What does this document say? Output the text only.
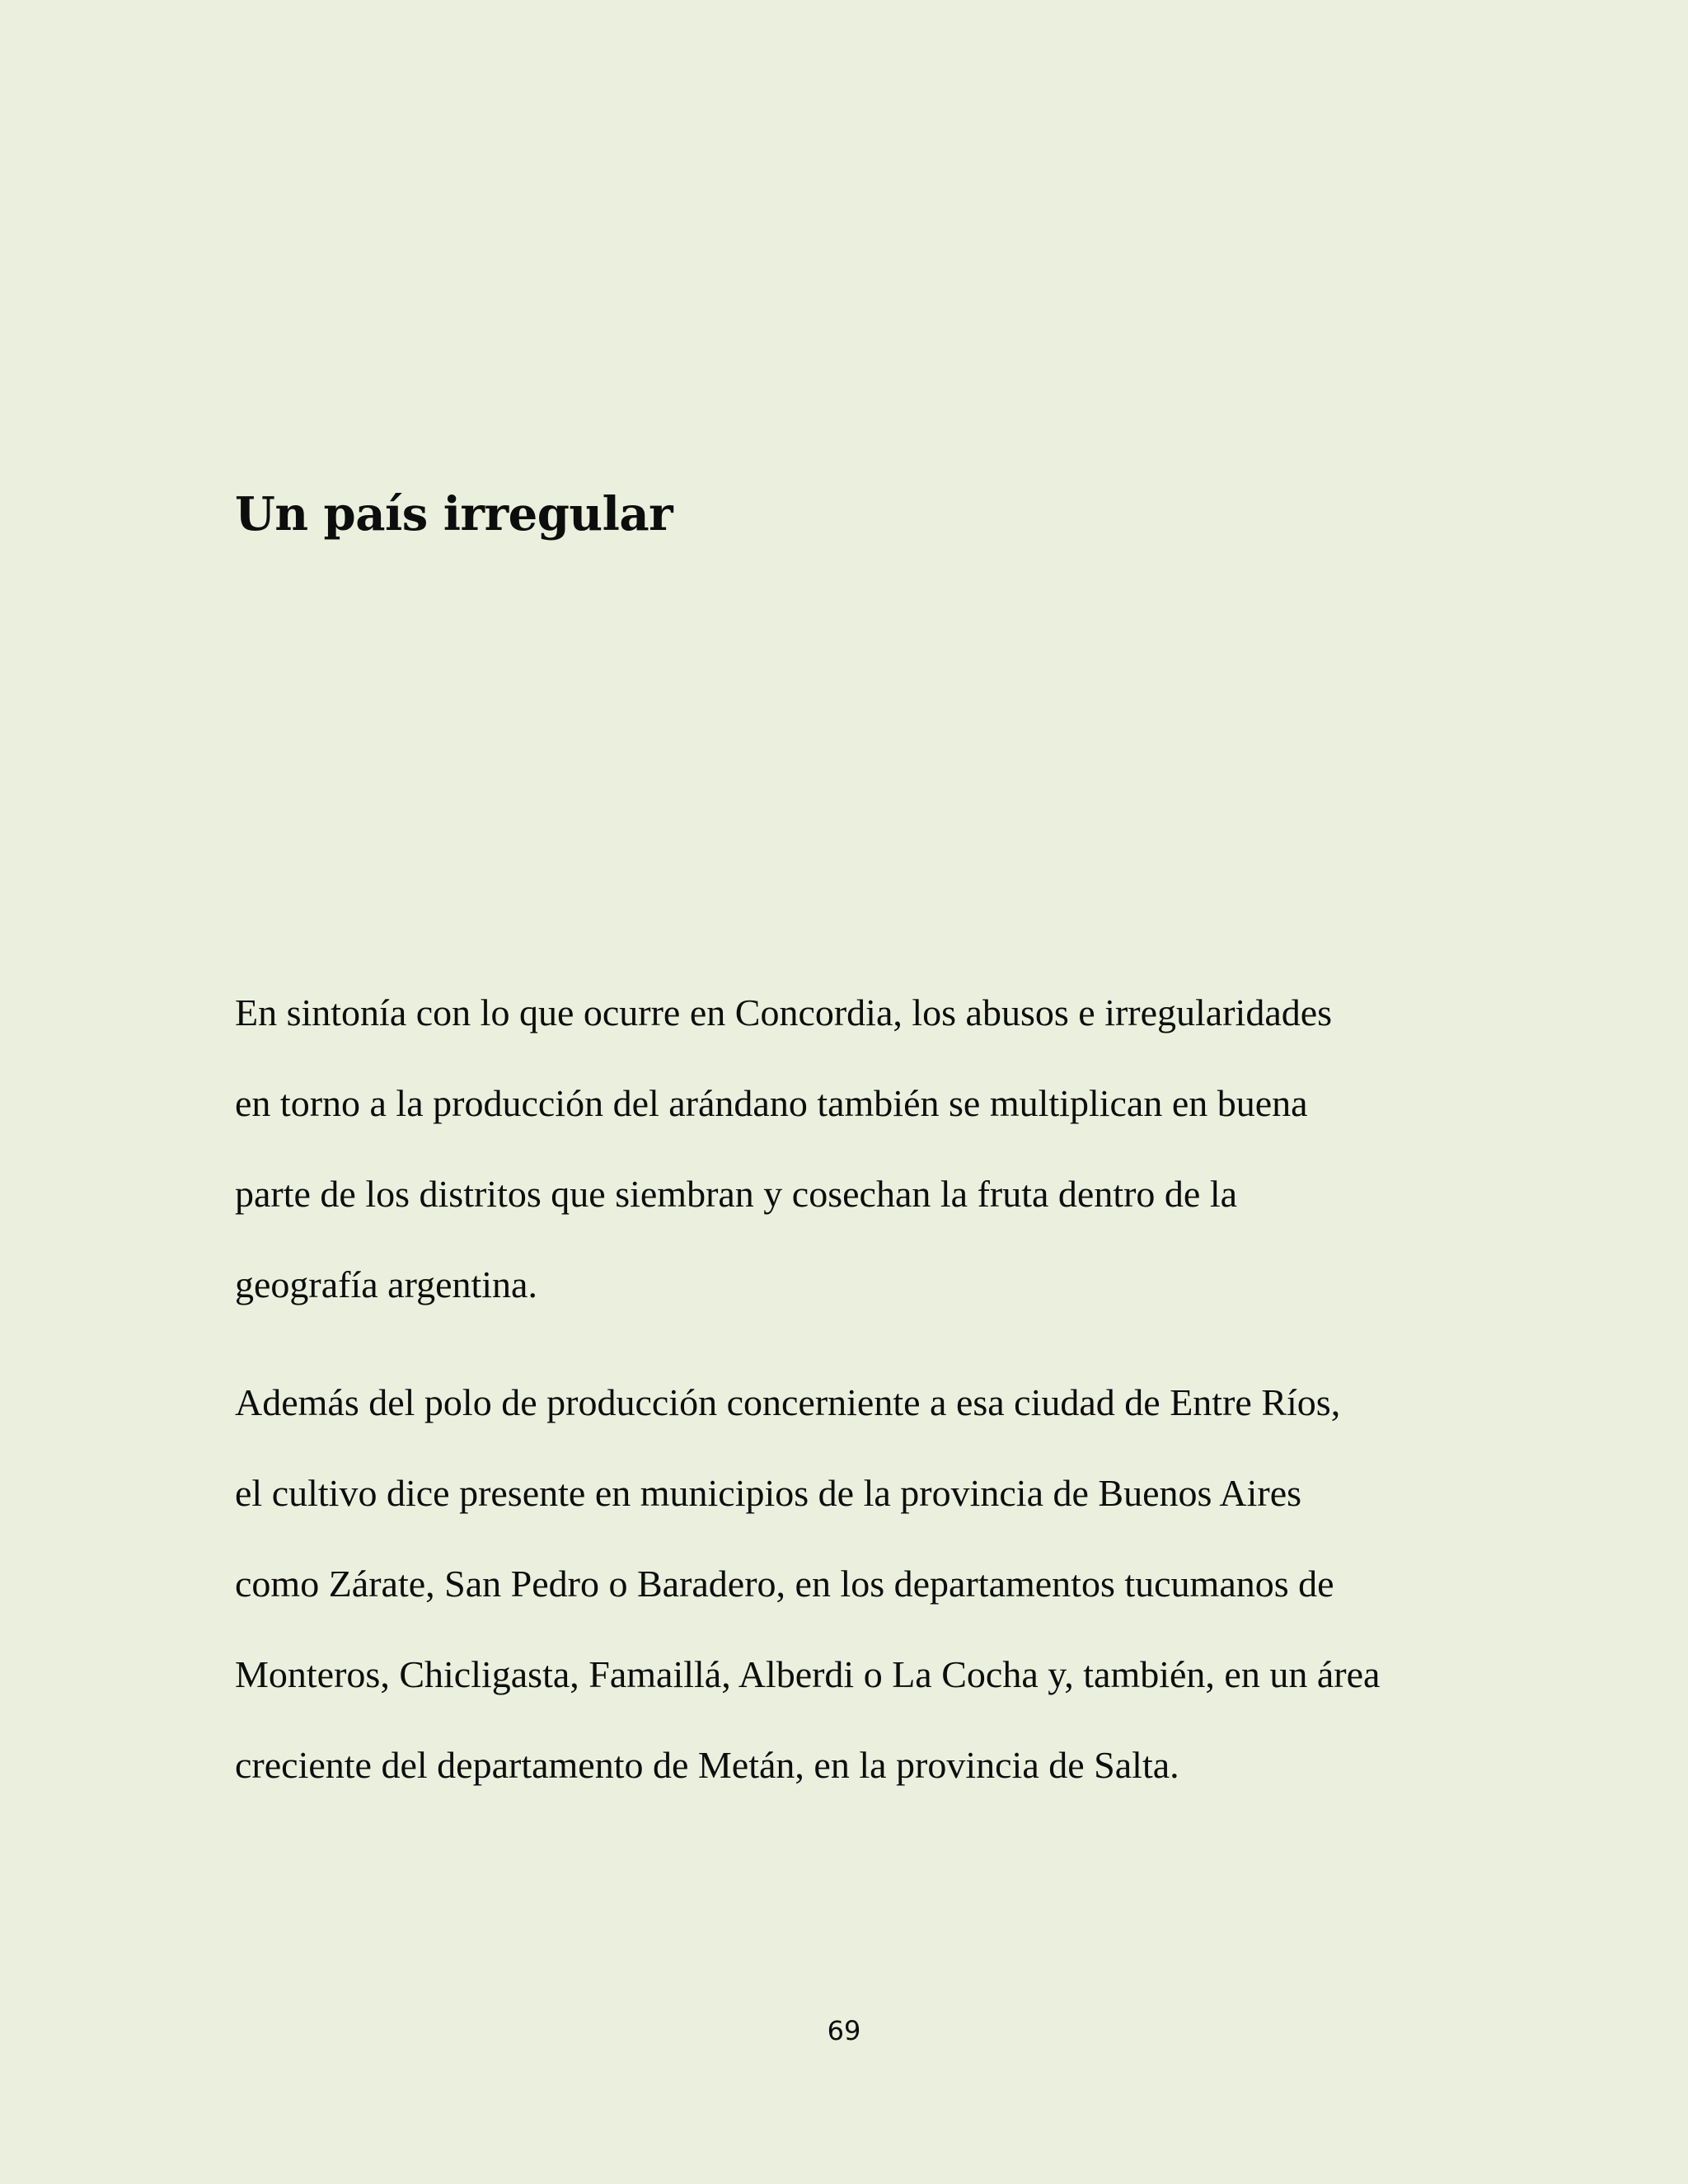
Un país irregular

En sintonía con lo que ocurre en Concordia, los abusos e irregularidades
en torno a la producción del arándano también se multiplican en buena
parte de los distritos que siembran y cosechan la fruta dentro de la
geografía argentina.

Además del polo de producción concerniente a esa ciudad de Entre Ríos,
el cultivo dice presente en municipios de la provincia de Buenos Aires
como Zárate, San Pedro o Baradero, en los departamentos tucumanos de
Monteros, Chicligasta, Famaillá, Alberdi o La Cocha y, también, en un área
creciente del departamento de Metán, en la provincia de Salta.

69
